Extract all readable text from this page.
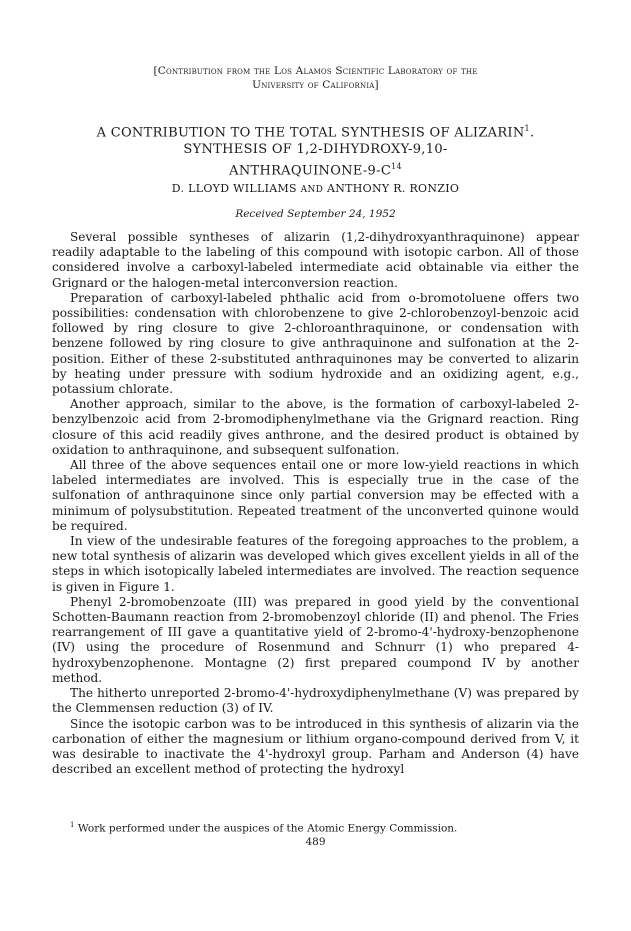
[Contribution from the Los Alamos Scientific Laboratory of the
University of California]
A CONTRIBUTION TO THE TOTAL SYNTHESIS OF ALIZARIN$^1$.
SYNTHESIS OF 1,2-DIHYDROXY-9,10-
ANTHRAQUINONE-$9-C^{14}$
D. LLOYD WILLIAMS AND ANTHONY R. RONZIO
Received September 24, 1952

Several possible syntheses of alizarin (1,2-dihydroxyanthraquinone) appear readily adaptable to the labeling of this compound with isotopic carbon. All of those considered involve a carboxyl-labeled intermediate acid obtainable via either the Grignard or the halogen-metal interconversion reaction.

Preparation of carboxyl-labeled phthalic acid from o-bromotoluene offers two possibilities: condensation with chlorobenzene to give 2-chlorobenzoyl-benzoic acid followed by ring closure to give 2-chloroanthraquinone, or condensation with benzene followed by ring closure to give anthraquinone and sulfonation at the 2-position. Either of these 2-substituted anthraquinones may be converted to alizarin by heating under pressure with sodium hydroxide and an oxidizing agent, e.g., potassium chlorate.

Another approach, similar to the above, is the formation of carboxyl-labeled 2-benzylbenzoic acid from 2-bromodiphenylmethane via the Grignard reaction. Ring closure of this acid readily gives anthrone, and the desired product is obtained by oxidation to anthraquinone, and subsequent sulfonation.

All three of the above sequences entail one or more low-yield reactions in which labeled intermediates are involved. This is especially true in the case of the sulfonation of anthraquinone since only partial conversion may be effected with a minimum of polysubstitution. Repeated treatment of the unconverted quinone would be required.

In view of the undesirable features of the foregoing approaches to the problem, a new total synthesis of alizarin was developed which gives excellent yields in all of the steps in which isotopically labeled intermediates are involved. The reaction sequence is given in Figure 1.

Phenyl 2-bromobenzoate (III) was prepared in good yield by the conventional Schotten-Baumann reaction from 2-bromobenzoyl chloride (II) and phenol. The Fries rearrangement of III gave a quantitative yield of 2-bromo-4'-hydroxy-benzophenone (IV) using the procedure of Rosenmund and Schnurr (1) who prepared 4-hydroxybenzophenone. Montagne (2) first prepared coumpond IV by another method.

The hitherto unreported 2-bromo-4'-hydroxydiphenylmethane (V) was prepared by the Clemmensen reduction (3) of IV.

Since the isotopic carbon was to be introduced in this synthesis of alizarin via the carbonation of either the magnesium or lithium organo-compound derived from V, it was desirable to inactivate the 4'-hydroxyl group. Parham and Anderson (4) have described an excellent method of protecting the hydroxyl

$^1$ Work performed under the auspices of the Atomic Energy Commission.
489
